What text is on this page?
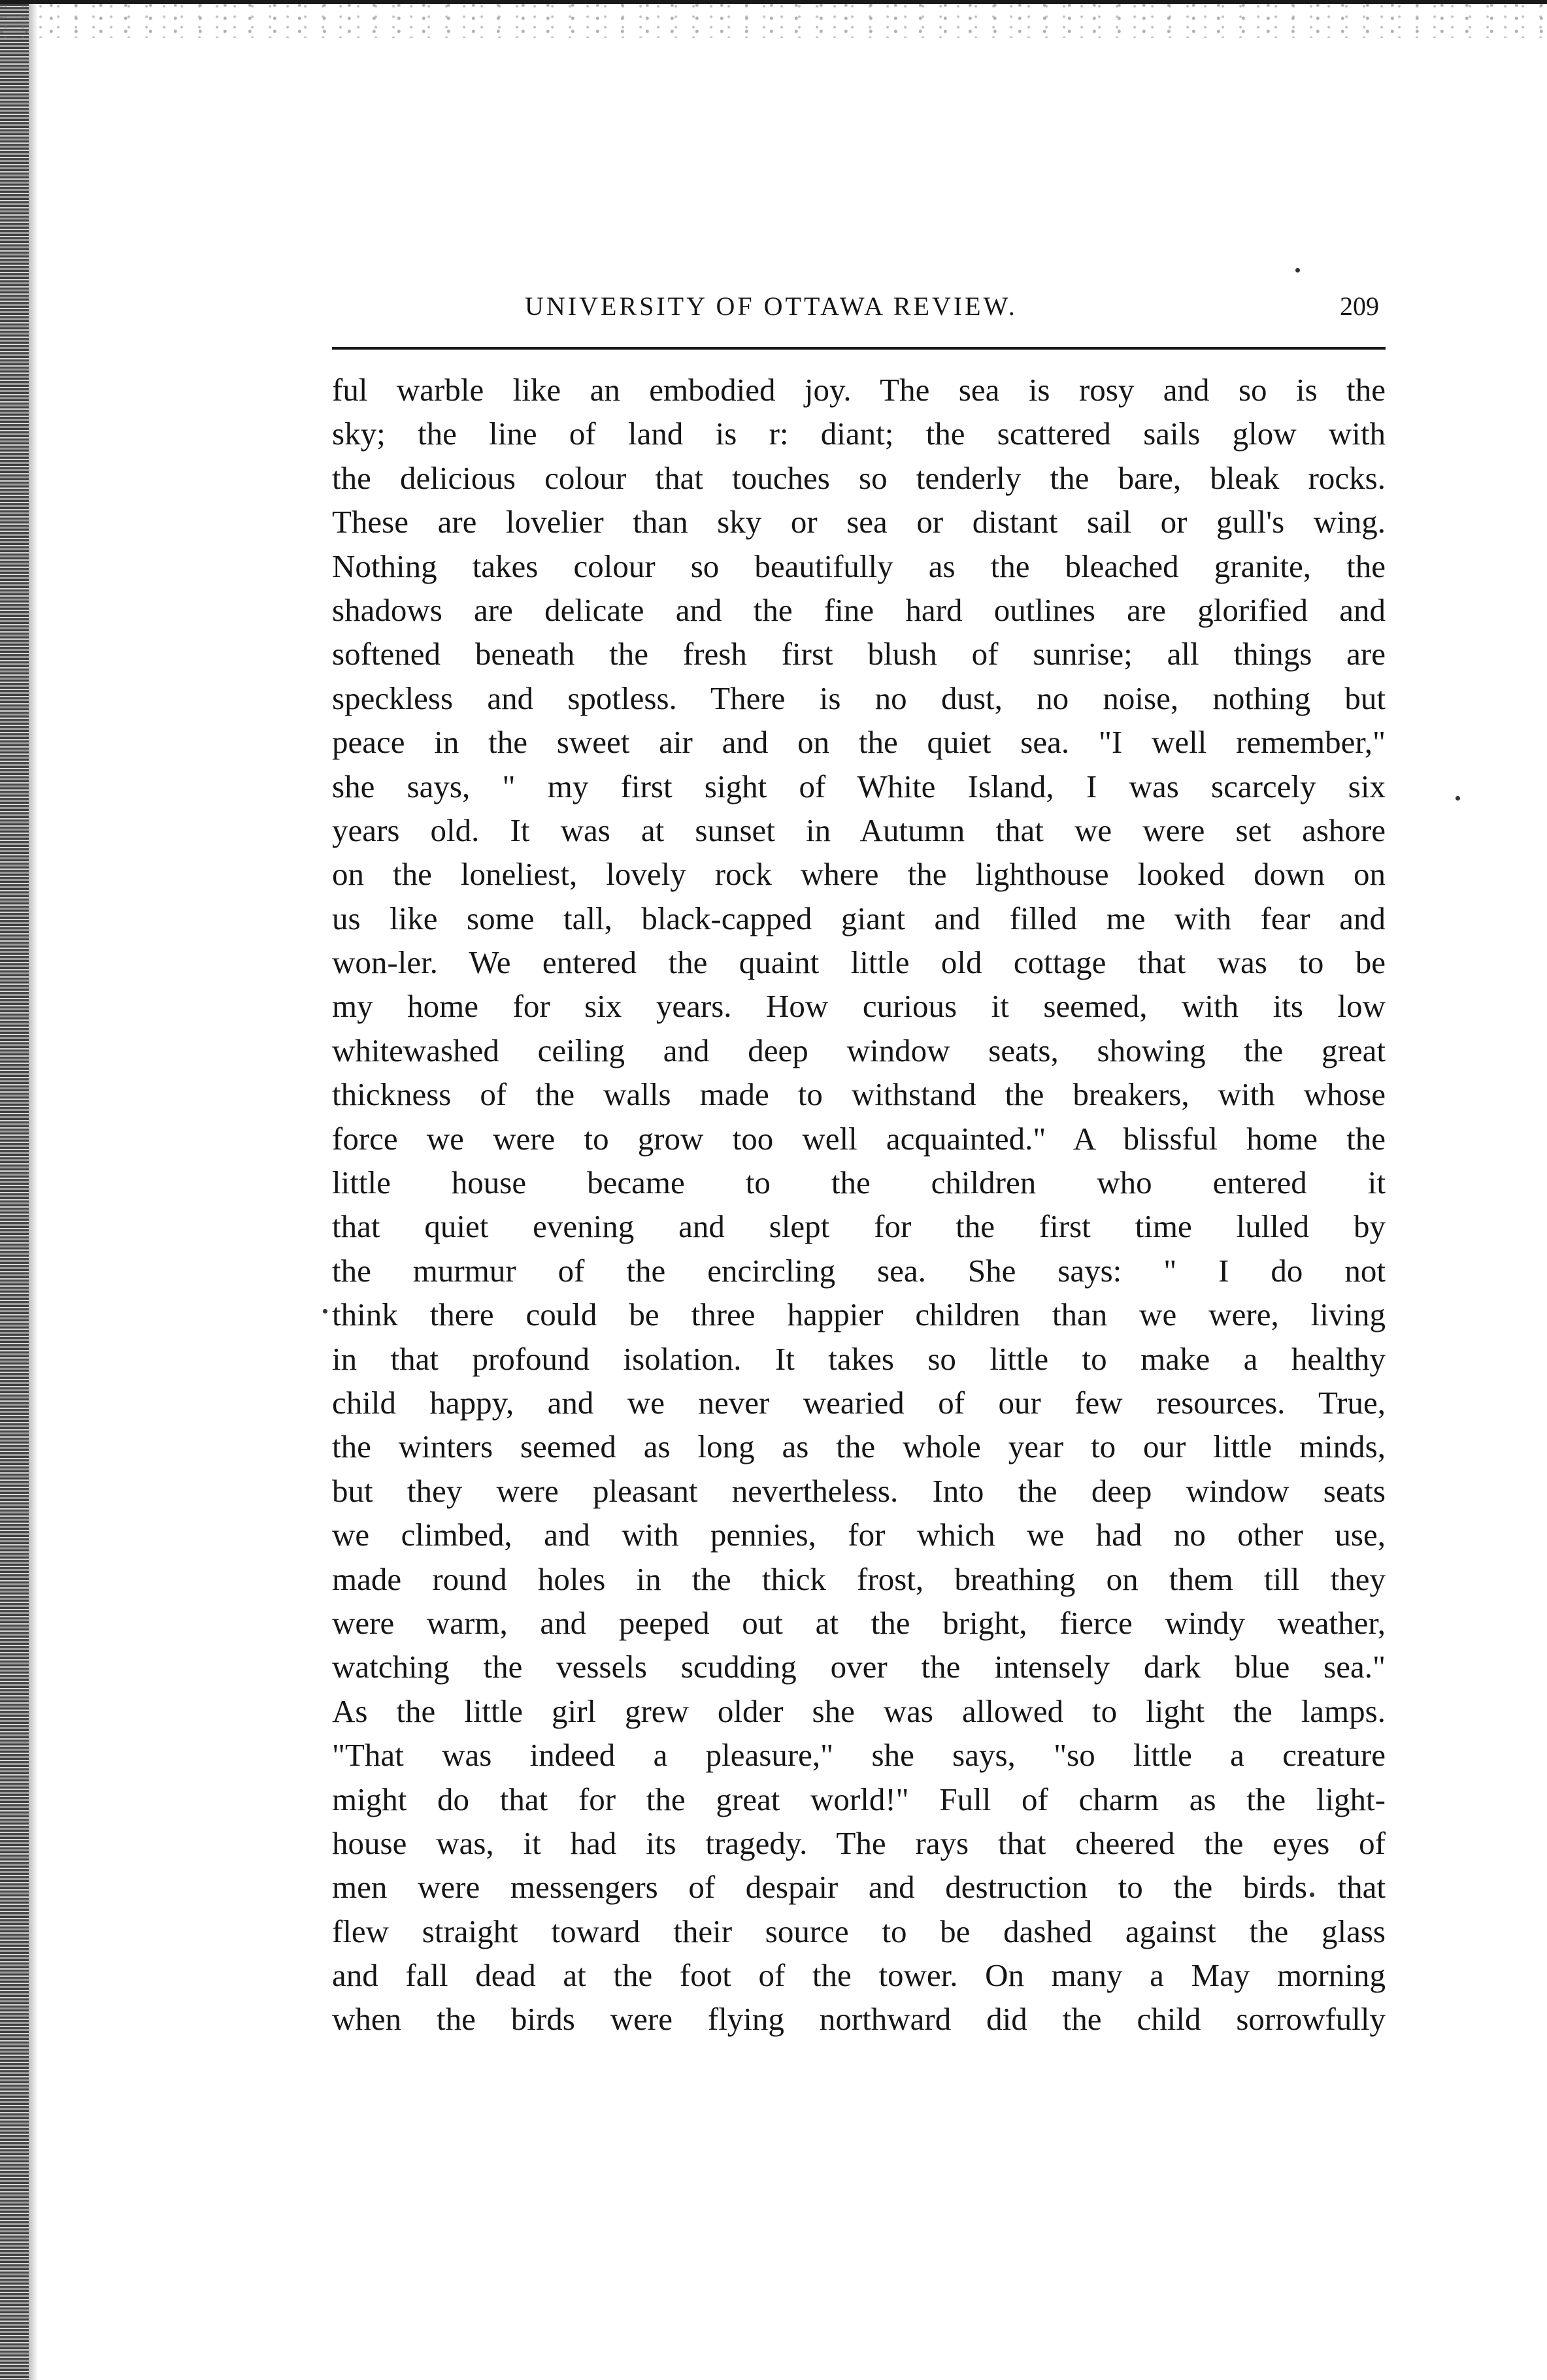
UNIVERSITY OF OTTAWA REVIEW.	209
ful warble like an embodied joy. The sea is rosy and so is the
sky; the line of land is r: diant; the scattered sails glow with
the delicious colour that touches so tenderly the bare, bleak rocks.
These are lovelier than sky or sea or distant sail or gull's wing.
Nothing takes colour so beautifully as the bleached granite, the
shadows are delicate and the fine hard outlines are glorified and
softened beneath the fresh first blush of sunrise; all things are
speckless and spotless. There is no dust, no noise, nothing but
peace in the sweet air and on the quiet sea. "I well remember,"
she says, " my first sight of White Island, I was scarcely six
years old. It was at sunset in Autumn that we were set ashore
on the loneliest, lovely rock where the lighthouse looked down on
us like some tall, black-capped giant and filled me with fear and
won-ler. We entered the quaint little old cottage that was to be
my home for six years. How curious it seemed, with its low
whitewashed ceiling and deep window seats, showing the great
thickness of the walls made to withstand the breakers, with whose
force we were to grow too well acquainted." A blissful home the
little house became to the children who entered it
that quiet evening and slept for the first time lulled by
the murmur of the encircling sea. She says: " I do not
think there could be three happier children than we were, living
in that profound isolation. It takes so little to make a healthy
child happy, and we never wearied of our few resources. True,
the winters seemed as long as the whole year to our little minds,
but they were pleasant nevertheless. Into the deep window seats
we climbed, and with pennies, for which we had no other use,
made round holes in the thick frost, breathing on them till they
were warm, and peeped out at the bright, fierce windy weather,
watching the vessels scudding over the intensely dark blue sea."
As the little girl grew older she was allowed to light the lamps.
"That was indeed a pleasure," she says, "so little a creature
might do that for the great world!" Full of charm as the light-
house was, it had its tragedy. The rays that cheered the eyes of
men were messengers of despair and destruction to the birds that
flew straight toward their source to be dashed against the glass
and fall dead at the foot of the tower. On many a May morning
when the birds were flying northward did the child sorrowfully
